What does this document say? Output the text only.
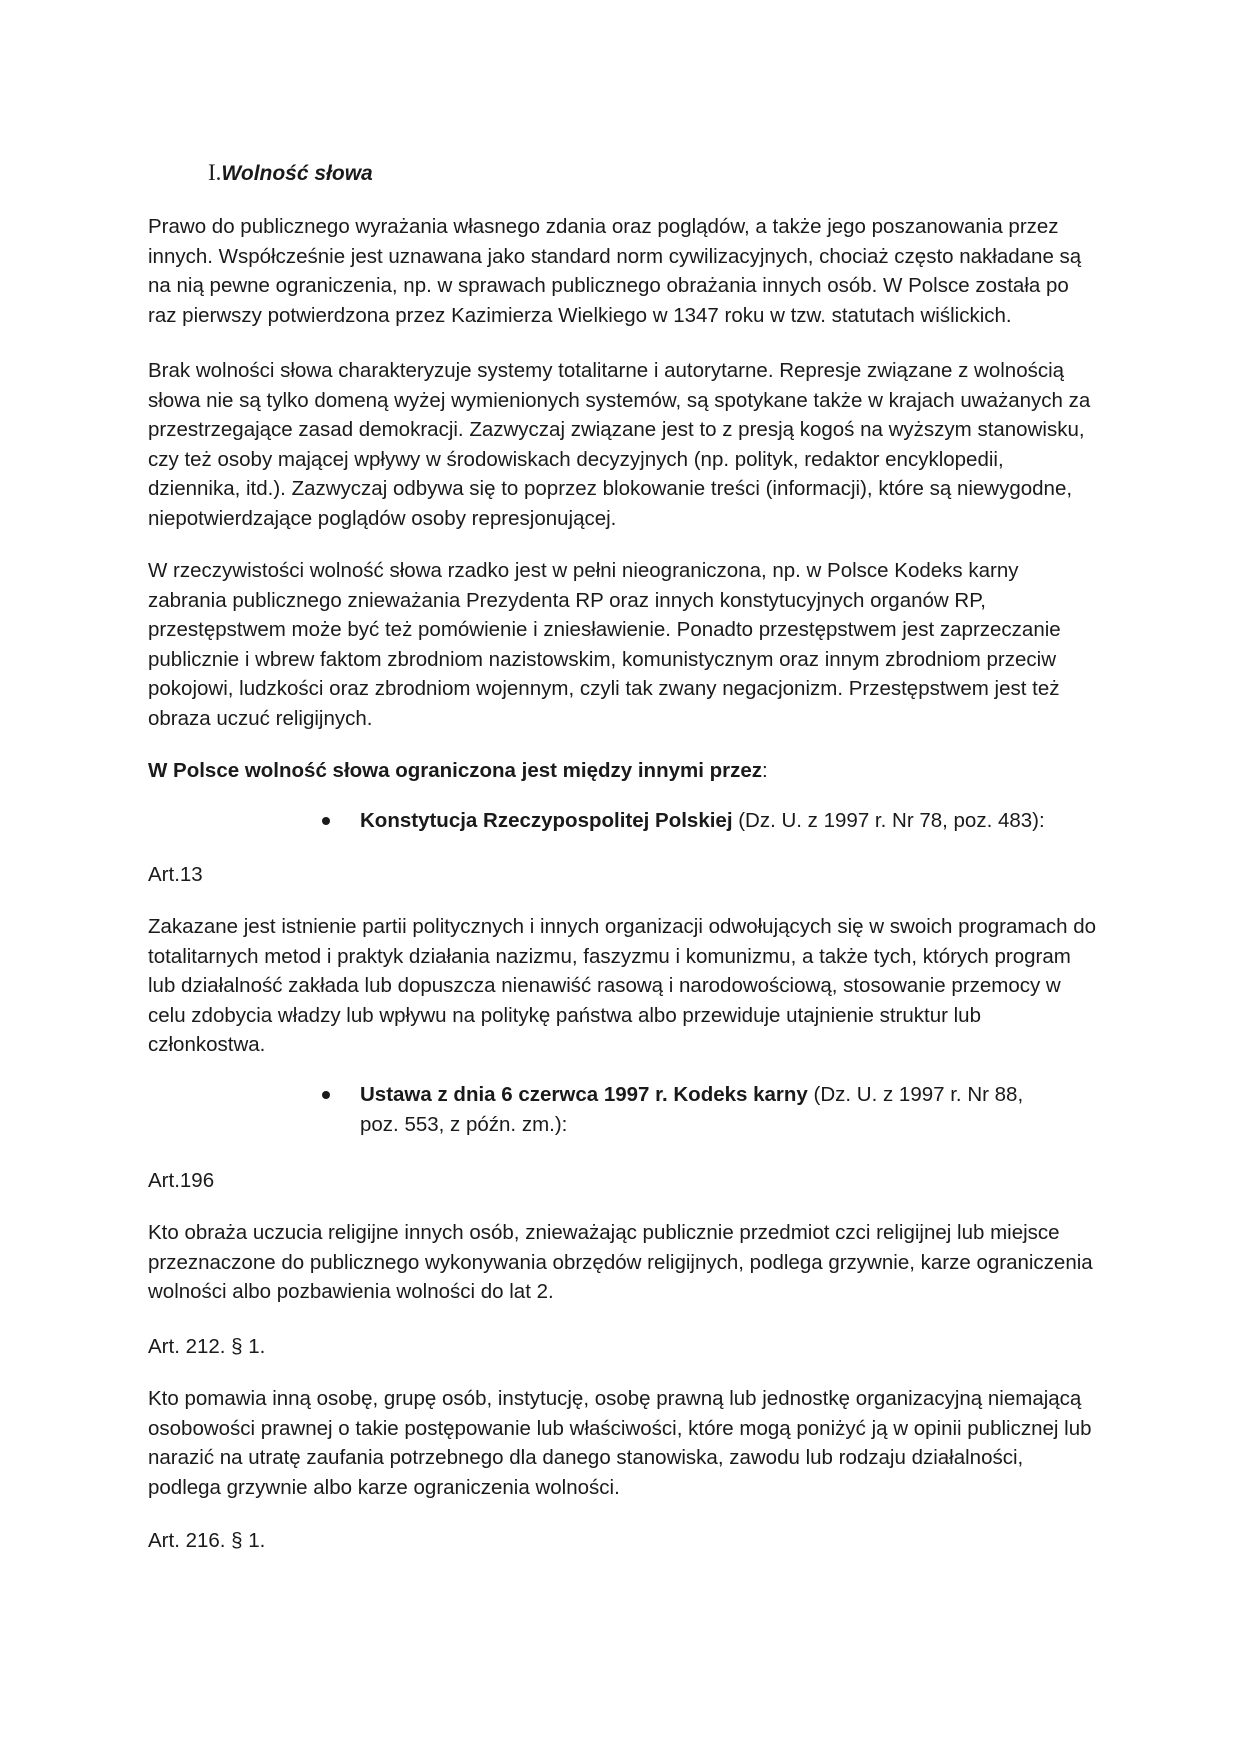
I.Wolność słowa

Prawo do publicznego wyrażania własnego zdania oraz poglądów, a także jego poszanowania przez innych. Współcześnie jest uznawana jako standard norm cywilizacyjnych, chociaż często nakładane są na nią pewne ograniczenia, np. w sprawach publicznego obrażania innych osób. W Polsce została po raz pierwszy potwierdzona przez Kazimierza Wielkiego w 1347 roku w tzw. statutach wiślickich.

Brak wolności słowa charakteryzuje systemy totalitarne i autorytarne. Represje związane z wolnością słowa nie są tylko domeną wyżej wymienionych systemów, są spotykane także w krajach uważanych za przestrzegające zasad demokracji. Zazwyczaj związane jest to z presją kogoś na wyższym stanowisku, czy też osoby mającej wpływy w środowiskach decyzyjnych (np. polityk, redaktor encyklopedii, dziennika, itd.). Zazwyczaj odbywa się to poprzez blokowanie treści (informacji), które są niewygodne, niepotwierdzające poglądów osoby represjonującej.

W rzeczywistości wolność słowa rzadko jest w pełni nieograniczona, np. w Polsce Kodeks karny zabrania publicznego znieważania Prezydenta RP oraz innych konstytucyjnych organów RP, przestępstwem może być też pomówienie i zniesławienie. Ponadto przestępstwem jest zaprzeczanie publicznie i wbrew faktom zbrodniom nazistowskim, komunistycznym oraz innym zbrodniom przeciw pokojowi, ludzkości oraz zbrodniom wojennym, czyli tak zwany negacjonizm. Przestępstwem jest też obraza uczuć religijnych.

W Polsce wolność słowa ograniczona jest między innymi przez:

Konstytucja Rzeczypospolitej Polskiej (Dz. U. z 1997 r. Nr 78, poz. 483):

Art.13

Zakazane jest istnienie partii politycznych i innych organizacji odwołujących się w swoich programach do totalitarnych metod i praktyk działania nazizmu, faszyzmu i komunizmu, a także tych, których program lub działalność zakłada lub dopuszcza nienawiść rasową i narodowościową, stosowanie przemocy w celu zdobycia władzy lub wpływu na politykę państwa albo przewiduje utajnienie struktur lub członkostwa.

Ustawa z dnia 6 czerwca 1997 r. Kodeks karny (Dz. U. z 1997 r. Nr 88, poz. 553, z późn. zm.):

Art.196

Kto obraża uczucia religijne innych osób, znieważając publicznie przedmiot czci religijnej lub miejsce przeznaczone do publicznego wykonywania obrzędów religijnych, podlega grzywnie, karze ograniczenia wolności albo pozbawienia wolności do lat 2.

Art. 212. § 1.

Kto pomawia inną osobę, grupę osób, instytucję, osobę prawną lub jednostkę organizacyjną niemającą osobowości prawnej o takie postępowanie lub właściwości, które mogą poniżyć ją w opinii publicznej lub narazić na utratę zaufania potrzebnego dla danego stanowiska, zawodu lub rodzaju działalności, podlega grzywnie albo karze ograniczenia wolności.

Art. 216. § 1.
